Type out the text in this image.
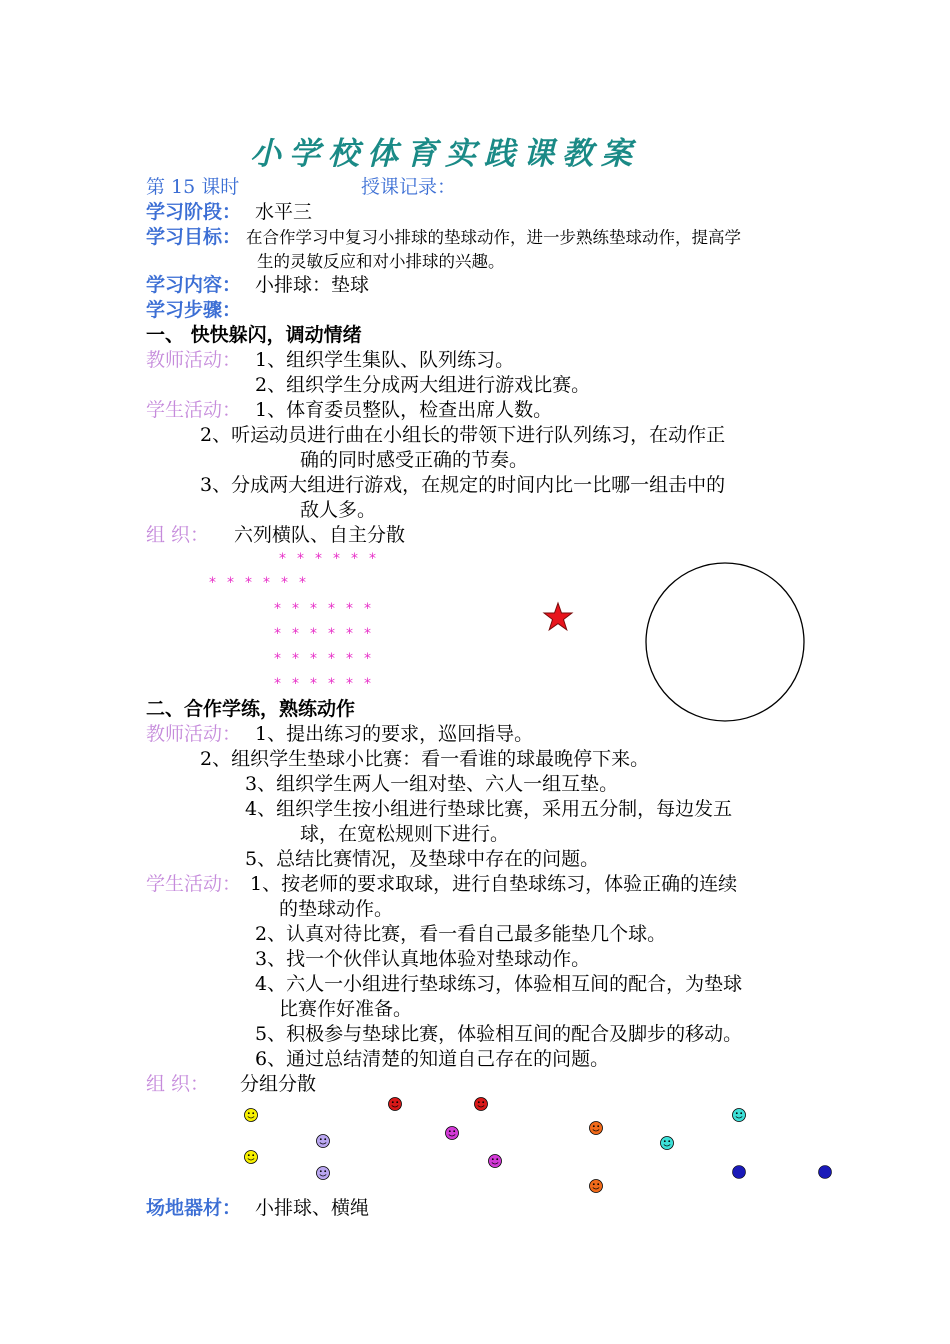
小学校体育实践课教案
第 15 课时	授课记录：
学习阶段： 水平三
学习目标： 在合作学习中复习小排球的垫球动作，进一步熟练垫球动作，提高学
生的灵敏反应和对小排球的兴趣。
学习内容： 小排球：垫球
学习步骤：
一、 快快躲闪，调动情绪
教师活动： 1、组织学生集队、队列练习。
2、组织学生分成两大组进行游戏比赛。
学生活动： 1、体育委员整队，检查出席人数。
2、听运动员进行曲在小组长的带领下进行队列练习，在动作正
确的同时感受正确的节奏。
3、分成两大组进行游戏，在规定的时间内比一比哪一组击中的
敌人多。
组 织： 六列横队、自主分散
******
******
******
******
******
******
二、合作学练，熟练动作
教师活动： 1、提出练习的要求，巡回指导。
2、组织学生垫球小比赛：看一看谁的球最晚停下来。
3、组织学生两人一组对垫、六人一组互垫。
4、组织学生按小组进行垫球比赛，采用五分制，每边发五
球，在宽松规则下进行。
5、总结比赛情况，及垫球中存在的问题。
学生活动： 1、按老师的要求取球，进行自垫球练习，体验正确的连续
的垫球动作。
2、认真对待比赛，看一看自己最多能垫几个球。
3、找一个伙伴认真地体验对垫球动作。
4、六人一小组进行垫球练习，体验相互间的配合，为垫球
比赛作好准备。
5、积极参与垫球比赛，体验相互间的配合及脚步的移动。
6、通过总结清楚的知道自己存在的问题。
组 织： 分组分散
场地器材： 小排球、横绳
